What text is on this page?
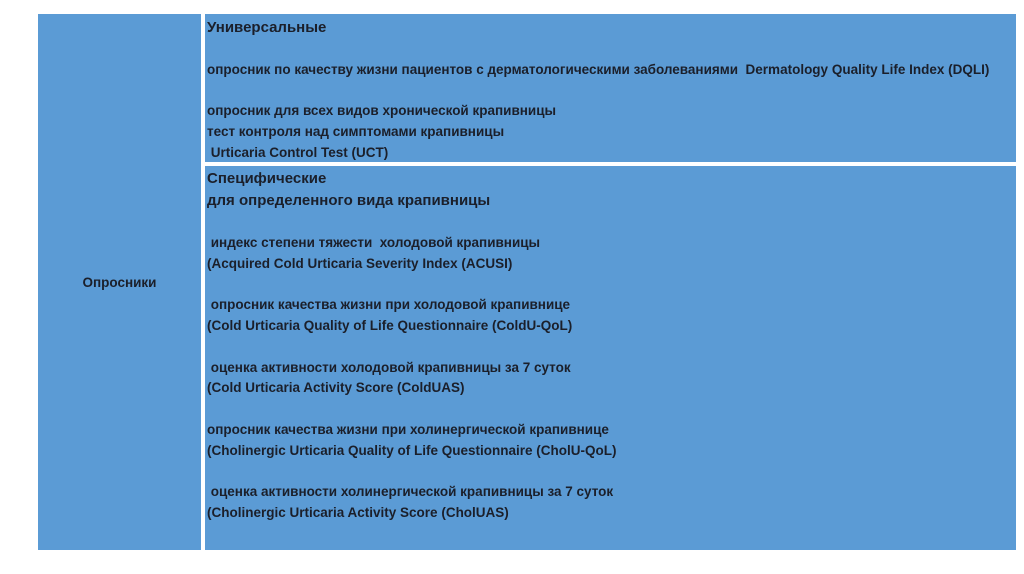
Опросники
Универсальные
опросник по качеству жизни пациентов с дерматологическими заболеваниями  Dermatology Quality Life Index (DQLI)
опросник для всех видов хронической крапивницы
тест контроля над симптомами крапивницы
Urticaria Control Test (UCT)
Специфические
для определенного вида крапивницы
индекс степени тяжести  холодовой крапивницы
(Acquired Cold Urticaria Severity Index (ACUSI)
опросник качества жизни при холодовой крапивнице
(Cold Urticaria Quality of Life Questionnaire (ColdU-QoL)
оценка активности холодовой крапивницы за 7 суток
(Cold Urticaria Activity Score (ColdUAS)
опросник качества жизни при холинергической крапивнице
(Cholinergic Urticaria Quality of Life Questionnaire (CholU-QoL)
оценка активности холинергической крапивницы за 7 суток
(Cholinergic Urticaria Activity Score (CholUAS)
